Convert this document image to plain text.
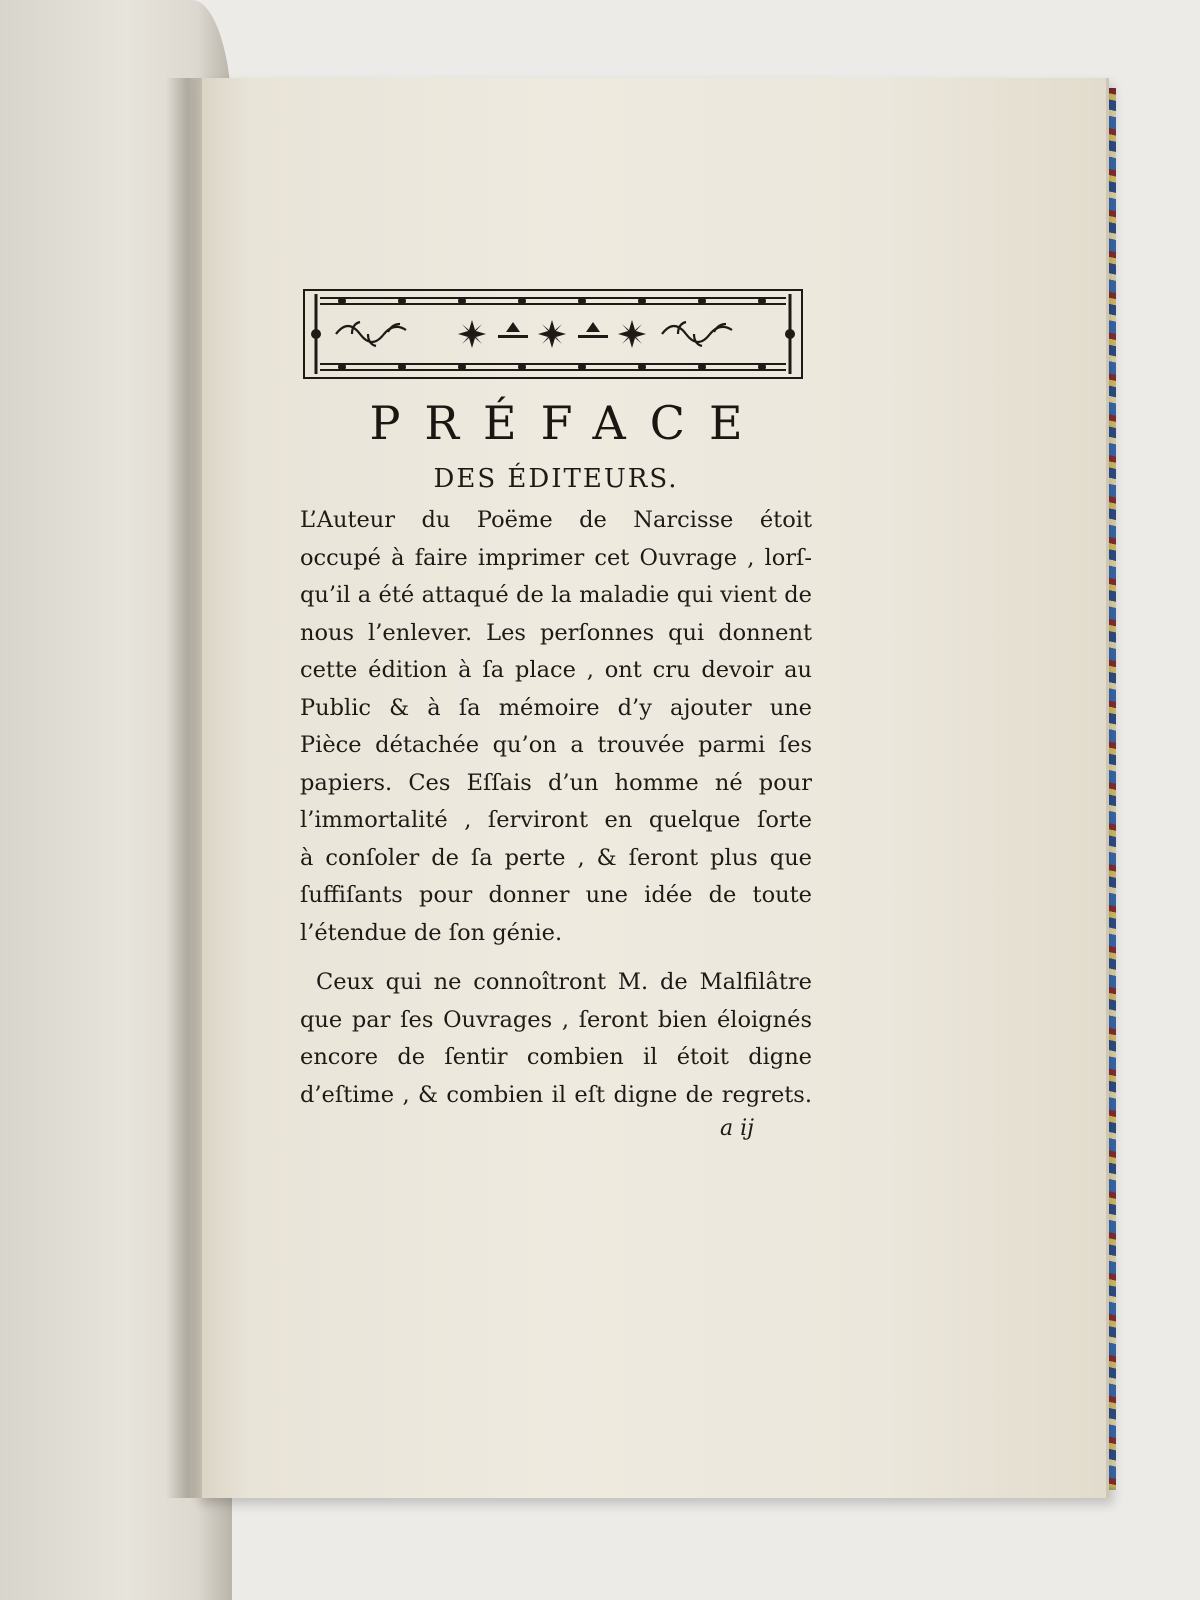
PRÉFACE
DES ÉDITEURS.
L’Auteur du Poëme de Narcisse étoit
occupé à faire imprimer cet Ouvrage , lorſ-
qu’il a été attaqué de la maladie qui vient de
nous l’enlever. Les perſonnes qui donnent
cette édition à ſa place , ont cru devoir au
Public & à ſa mémoire d’y ajouter une
Pièce détachée qu’on a trouvée parmi ſes
papiers. Ces Eſſais d’un homme né pour
l’immortalité , ſerviront en quelque ſorte
à conſoler de ſa perte , & ſeront plus que
ſuffiſants pour donner une idée de toute
l’étendue de ſon génie.
Ceux qui ne connoîtront M. de Malfilâtre
que par ſes Ouvrages , ſeront bien éloignés
encore de ſentir combien il étoit digne
d’eſtime , & combien il eſt digne de regrets.
a ij
